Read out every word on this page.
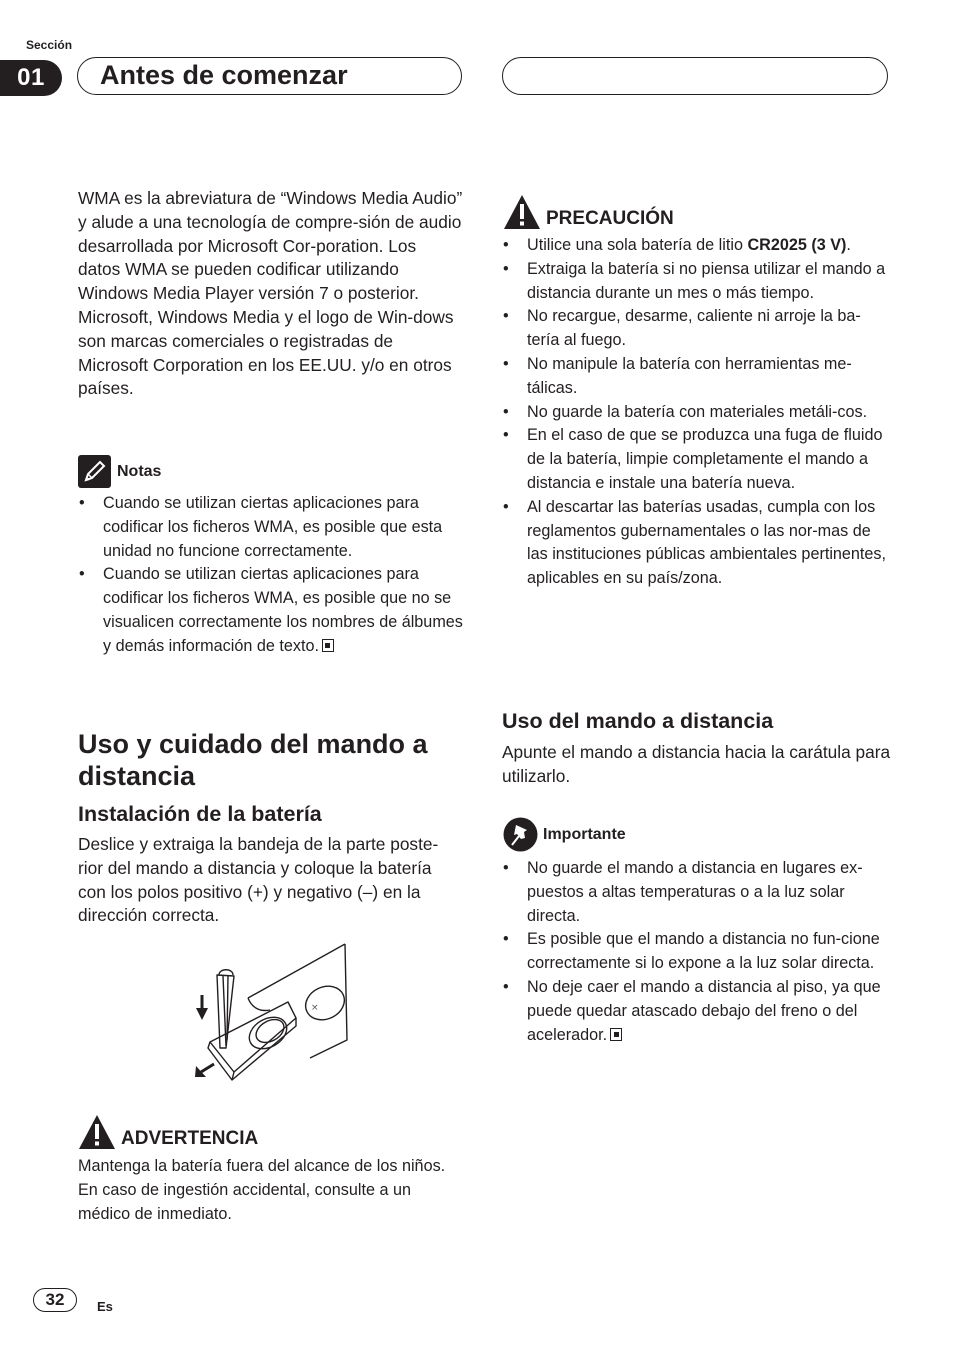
Sección
01	Antes de comenzar

WMA es la abreviatura de “Windows Media Audio” y alude a una tecnología de compre-sión de audio desarrollada por Microsoft Cor-poration. Los datos WMA se pueden codificar utilizando Windows Media Player versión 7 o posterior.

Microsoft, Windows Media y el logo de Win-dows son marcas comerciales o registradas de Microsoft Corporation en los EE.UU. y/o en otros países.

Notas
• Cuando se utilizan ciertas aplicaciones para codificar los ficheros WMA, es posible que esta unidad no funcione correctamente.
• Cuando se utilizan ciertas aplicaciones para codificar los ficheros WMA, es posible que no se visualicen correctamente los nombres de álbumes y demás información de texto.
Uso y cuidado del mando a distancia
Instalación de la batería

Deslice y extraiga la bandeja de la parte poste-rior del mando a distancia y coloque la batería con los polos positivo (+) y negativo (–) en la dirección correcta.

×
ADVERTENCIA

Mantenga la batería fuera del alcance de los niños. En caso de ingestión accidental, consulte a un médico de inmediato.

PRECAUCIÓN
• Utilice una sola batería de litio CR2025 (3 V).
• Extraiga la batería si no piensa utilizar el mando a distancia durante un mes o más tiempo.
• No recargue, desarme, caliente ni arroje la ba-tería al fuego.
• No manipule la batería con herramientas me-tálicas.
• No guarde la batería con materiales metáli-cos.
• En el caso de que se produzca una fuga de fluido de la batería, limpie completamente el mando a distancia e instale una batería nueva.
• Al descartar las baterías usadas, cumpla con los reglamentos gubernamentales o las nor-mas de las instituciones públicas ambientales pertinentes, aplicables en su país/zona.
Uso del mando a distancia

Apunte el mando a distancia hacia la carátula para utilizarlo.

Importante
• No guarde el mando a distancia en lugares ex-puestos a altas temperaturas o a la luz solar directa.
• Es posible que el mando a distancia no fun-cione correctamente si lo expone a la luz solar directa.
• No deje caer el mando a distancia al piso, ya que puede quedar atascado debajo del freno o del acelerador.
32	Es
